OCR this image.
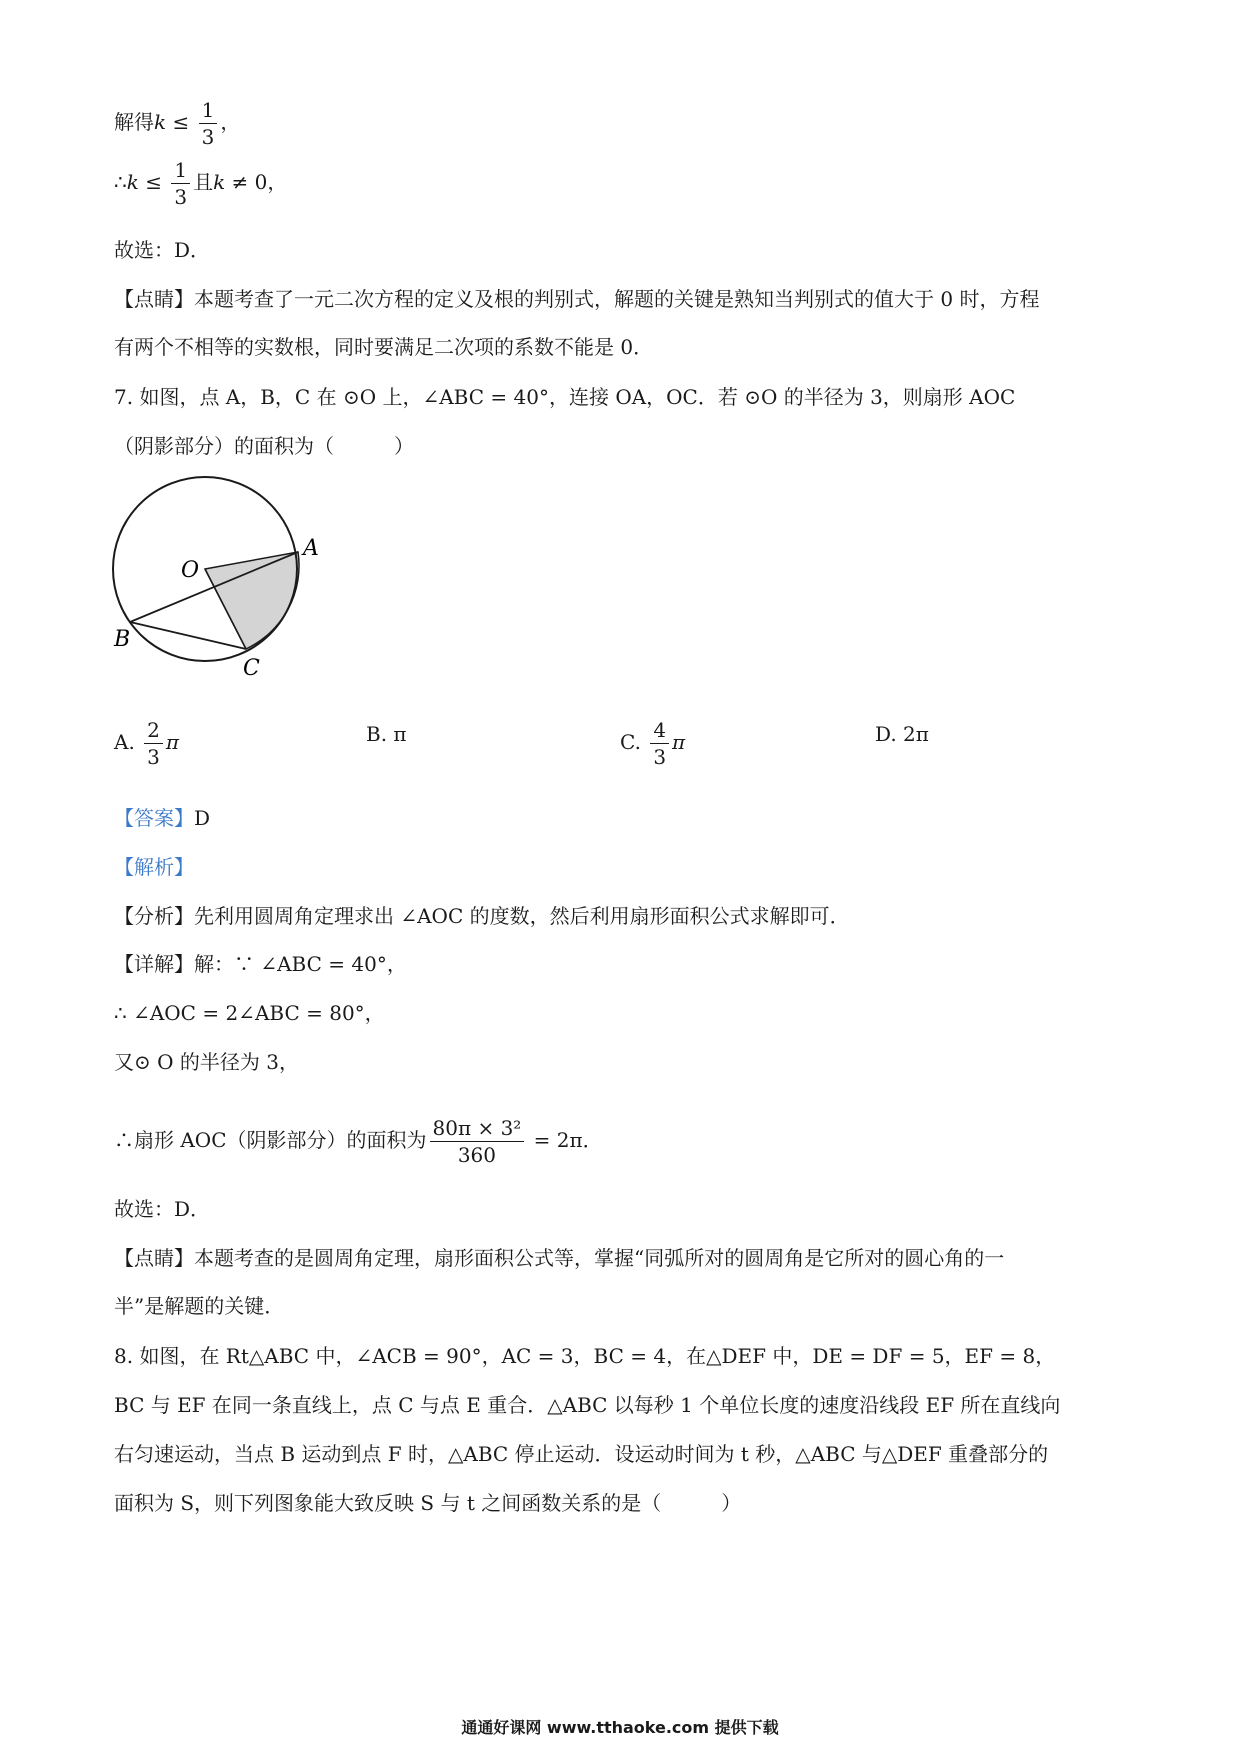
解得$k \le \frac{1}{3}$ ，
∴k ≤ $\frac{1}{3}$ 且k ≠ 0，
故选：D．
【点睛】本题考查了一元二次方程的定义及根的判别式，解题的关键是熟知当判别式的值大于 0 时，方程
有两个不相等的实数根，同时要满足二次项的系数不能是 0．
7. 如图，点 A，B，C 在 ⊙O 上，∠ABC = 40°，连接 OA，OC．若 ⊙O 的半径为 3，则扇形 AOC
（阴影部分）的面积为（　　　）
O
A
B
C
A. $\frac{2}{3}$ π	B. π	C. $\frac{4}{3}$ π	D. 2π
【答案】D
【解析】
【分析】先利用圆周角定理求出 ∠AOC 的度数，然后利用扇形面积公式求解即可．
【详解】解：∵ ∠ABC = 40°，
∴ ∠AOC = 2∠ABC = 80°，
又⊙ O 的半径为 3，
∴扇形 AOC（阴影部分）的面积为 $\frac{\text{80π × 3²}}{360} = 2\pi$．
故选：D．
【点睛】本题考查的是圆周角定理，扇形面积公式等，掌握“同弧所对的圆周角是它所对的圆心角的一
半”是解题的关键．
8. 如图，在 Rt△ABC 中，∠ACB = 90°，AC = 3，BC = 4，在△DEF 中，DE = DF = 5，EF = 8，
BC 与 EF 在同一条直线上，点 C 与点 E 重合．△ABC 以每秒 1 个单位长度的速度沿线段 EF 所在直线向
右匀速运动，当点 B 运动到点 F 时，△ABC 停止运动．设运动时间为 t 秒，△ABC 与△DEF 重叠部分的
面积为 S，则下列图象能大致反映 S 与 t 之间函数关系的是（　　　）
通通好课网 www.tthaoke.com 提供下载
